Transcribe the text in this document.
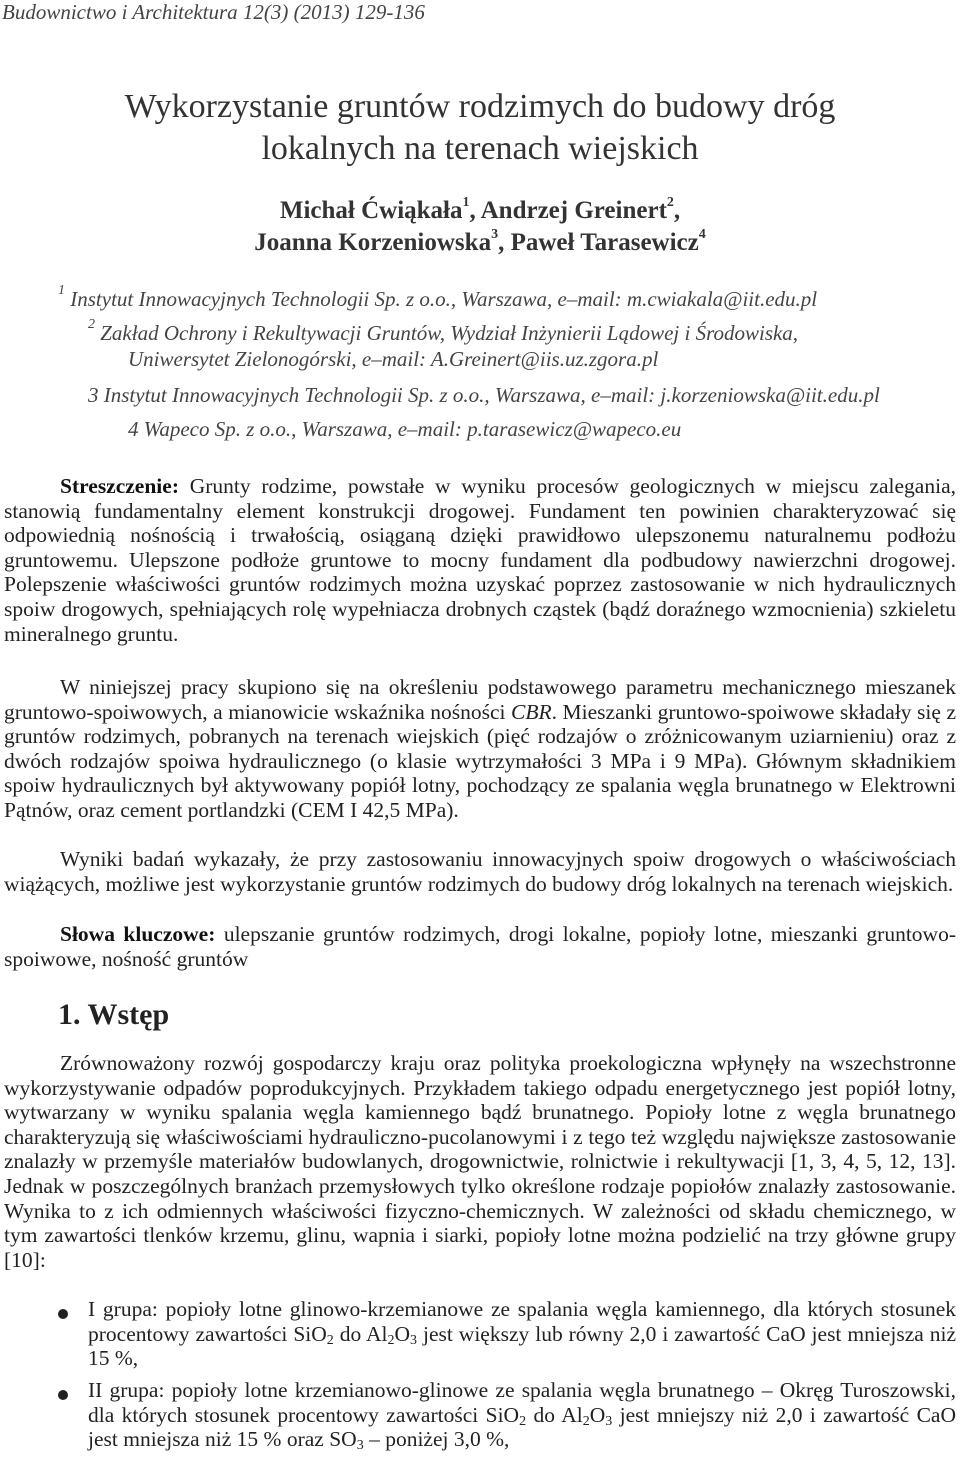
Budownictwo i Architektura 12(3) (2013) 129-136
Wykorzystanie gruntów rodzimych do budowy dróg
lokalnych na terenach wiejskich
Michał Ćwiąkała$^1$, Andrzej Greinert$^2$,
Joanna Korzeniowska$^3$, Paweł Tarasewicz$^4$
$^1$ Instytut Innowacyjnych Technologii Sp. z o.o., Warszawa, e–mail: m.cwiakala@iit.edu.pl
$^2$ Zakład Ochrony i Rekultywacji Gruntów, Wydział Inżynierii Lądowej i Środowiska,
Uniwersytet Zielonogórski, e–mail: A.Greinert@iis.uz.zgora.pl
3 Instytut Innowacyjnych Technologii Sp. z o.o., Warszawa, e–mail: j.korzeniowska@iit.edu.pl
4 Wapeco Sp. z o.o., Warszawa, e–mail: p.tarasewicz@wapeco.eu
Streszczenie: Grunty rodzime, powstałe w wyniku procesów geologicznych w miejscu zalegania, stanowią fundamentalny element konstrukcji drogowej. Fundament ten powinien charakteryzować się odpowiednią nośnością i trwałością, osiąganą dzięki prawidłowo ulepszonemu naturalnemu podłożu gruntowemu. Ulepszone podłoże gruntowe to mocny fundament dla podbudowy nawierzchni drogowej. Polepszenie właściwości gruntów rodzimych można uzyskać poprzez zastosowanie w nich hydraulicznych spoiw drogowych, spełniających rolę wypełniacza drobnych cząstek (bądź doraźnego wzmocnienia) szkieletu mineralnego gruntu.
W niniejszej pracy skupiono się na określeniu podstawowego parametru mechanicznego mieszanek gruntowo-spoiwowych, a mianowicie wskaźnika nośności CBR. Mieszanki gruntowo-spoiwowe składały się z gruntów rodzimych, pobranych na terenach wiejskich (pięć rodzajów o zróżnicowanym uziarnieniu) oraz z dwóch rodzajów spoiwa hydraulicznego (o klasie wytrzymałości 3 MPa i 9 MPa). Głównym składnikiem spoiw hydraulicznych był aktywowany popiół lotny, pochodzący ze spalania węgla brunatnego w Elektrowni Pątnów, oraz cement portlandzki (CEM I 42,5 MPa).
Wyniki badań wykazały, że przy zastosowaniu innowacyjnych spoiw drogowych o właściwościach wiążących, możliwe jest wykorzystanie gruntów rodzimych do budowy dróg lokalnych na terenach wiejskich.
Słowa kluczowe: ulepszanie gruntów rodzimych, drogi lokalne, popioły lotne, mieszanki gruntowo-spoiwowe, nośność gruntów
1. Wstęp
Zrównoważony rozwój gospodarczy kraju oraz polityka proekologiczna wpłynęły na wszechstronne wykorzystywanie odpadów poprodukcyjnych. Przykładem takiego odpadu energetycznego jest popiół lotny, wytwarzany w wyniku spalania węgla kamiennego bądź brunatnego. Popioły lotne z węgla brunatnego charakteryzują się właściwościami hydrauliczno-pucolanowymi i z tego też względu największe zastosowanie znalazły w przemyśle materiałów budowlanych, drogownictwie, rolnictwie i rekultywacji [1, 3, 4, 5, 12, 13]. Jednak w poszczególnych branżach przemysłowych tylko określone rodzaje popiołów znalazły zastosowanie. Wynika to z ich odmiennych właściwości fizyczno-chemicznych. W zależności od składu chemicznego, w tym zawartości tlenków krzemu, glinu, wapnia i siarki, popioły lotne można podzielić na trzy główne grupy [10]:
I grupa: popioły lotne glinowo-krzemianowe ze spalania węgla kamiennego, dla których stosunek procentowy zawartości SiO$_2$ do $Al_2O_3$ jest większy lub równy 2,0 i zawartość CaO jest mniejsza niż 15 %,
II grupa: popioły lotne krzemianowo-glinowe ze spalania węgla brunatnego – Okręg Turoszowski, dla których stosunek procentowy zawartości SiO$_2$ do $Al_2O_3$ jest mniejszy niż 2,0 i zawartość CaO jest mniejsza niż 15 % oraz $SO_3$ – poniżej 3,0 %,
